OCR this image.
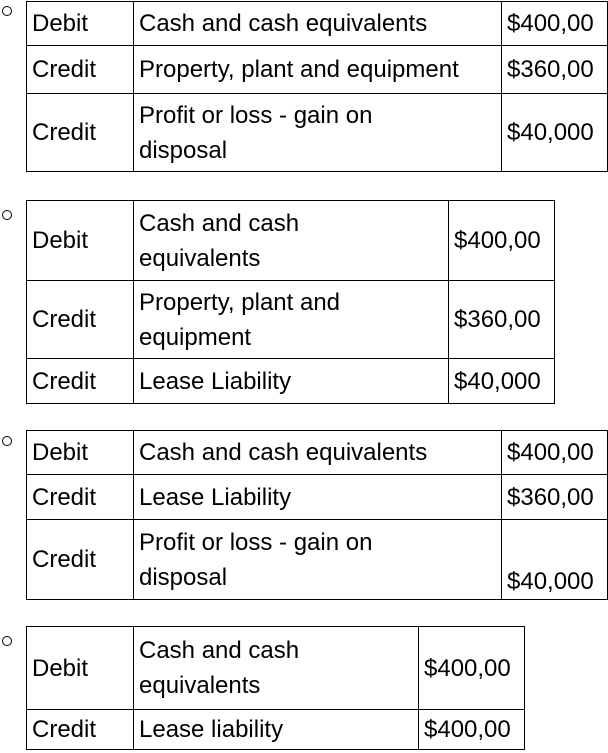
Debit	Cash and cash equivalents	$400,00
Credit	Property, plant and equipment	$360,00
Credit	Profit or loss - gain on disposal	$40,000
Debit	Cash and cash equivalents	$400,00
Credit	Property, plant and equipment	$360,00
Credit	Lease Liability	$40,000
Debit	Cash and cash equivalents	$400,00
Credit	Lease Liability	$360,00
Credit	Profit or loss - gain on disposal	$40,000
Debit	Cash and cash equivalents	$400,00
Credit	Lease liability	$400,00
